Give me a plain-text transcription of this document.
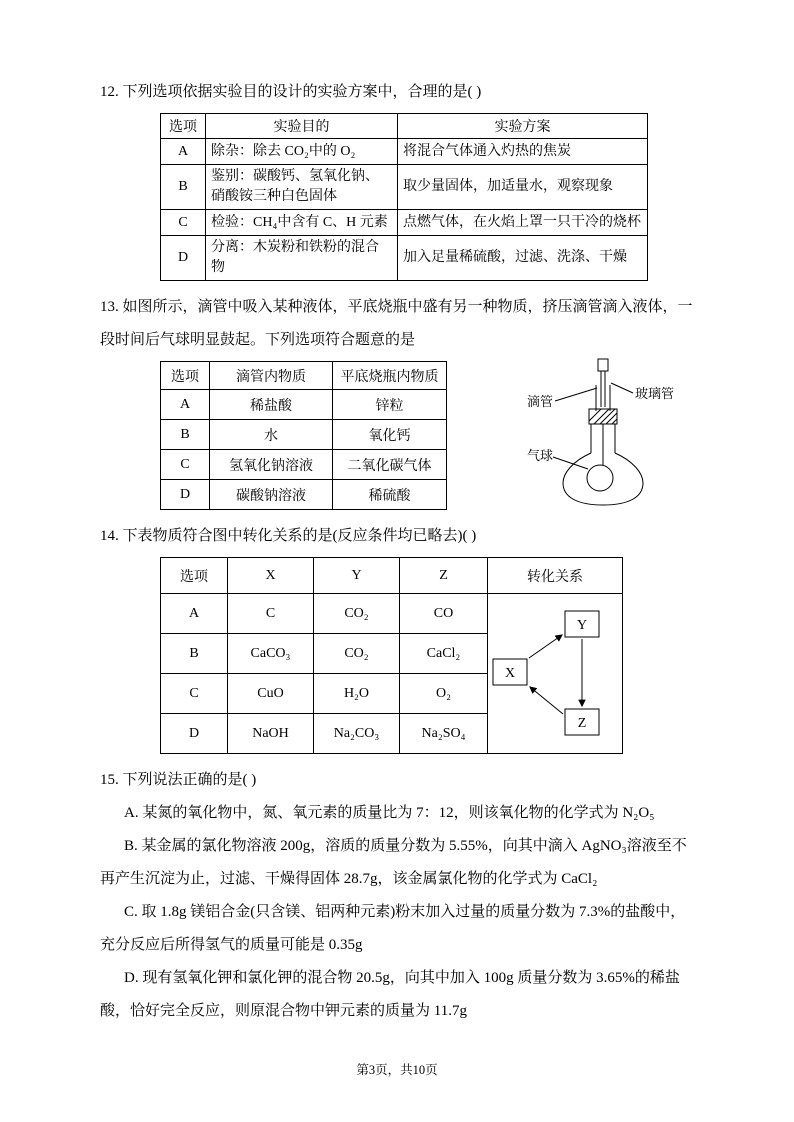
12. 下列选项依据实验目的设计的实验方案中，合理的是( )

选项	实验目的	实验方案
A	除杂：除去 CO₂中的 O₂	将混合气体通入灼热的焦炭
B	鉴别：碳酸钙、氢氧化钠、硝酸铵三种白色固体	取少量固体，加适量水，观察现象
C	检验：CH₄中含有 C、H 元素	点燃气体，在火焰上罩一只干冷的烧杯
D	分离：木炭粉和铁粉的混合物	加入足量稀硫酸，过滤、洗涤、干燥

13. 如图所示，滴管中吸入某种液体，平底烧瓶中盛有另一种物质，挤压滴管滴入液体，一段时间后气球明显鼓起。下列选项符合题意的是

选项	滴管内物质	平底烧瓶内物质
A	稀盐酸	锌粒
B	水	氧化钙
C	氢氧化钠溶液	二氧化碳气体
D	碳酸钠溶液	稀硫酸
滴管
玻璃管
气球

14. 下表物质符合图中转化关系的是(反应条件均已略去)( )

选项	X	Y	Z	转化关系
A	C	CO₂	CO	Y
X
Z

B	CaCO₃	CO₂	CaCl₂	
C	CuO	H₂O	O₂	
D	NaOH	Na₂CO₃	Na₂SO₄	

15. 下列说法正确的是( )

A. 某氮的氧化物中，氮、氧元素的质量比为 7：12，则该氧化物的化学式为 N₂O₅

B. 某金属的氯化物溶液 200g，溶质的质量分数为 5.55%，向其中滴入 AgNO₃溶液至不再产生沉淀为止，过滤、干燥得固体 28.7g，该金属氯化物的化学式为 CaCl₂

C. 取 1.8g 镁铝合金(只含镁、铝两种元素)粉末加入过量的质量分数为 7.3%的盐酸中，充分反应后所得氢气的质量可能是 0.35g

D. 现有氢氧化钾和氯化钾的混合物 20.5g，向其中加入 100g 质量分数为 3.65%的稀盐酸，恰好完全反应，则原混合物中钾元素的质量为 11.7g

第3页，共10页
